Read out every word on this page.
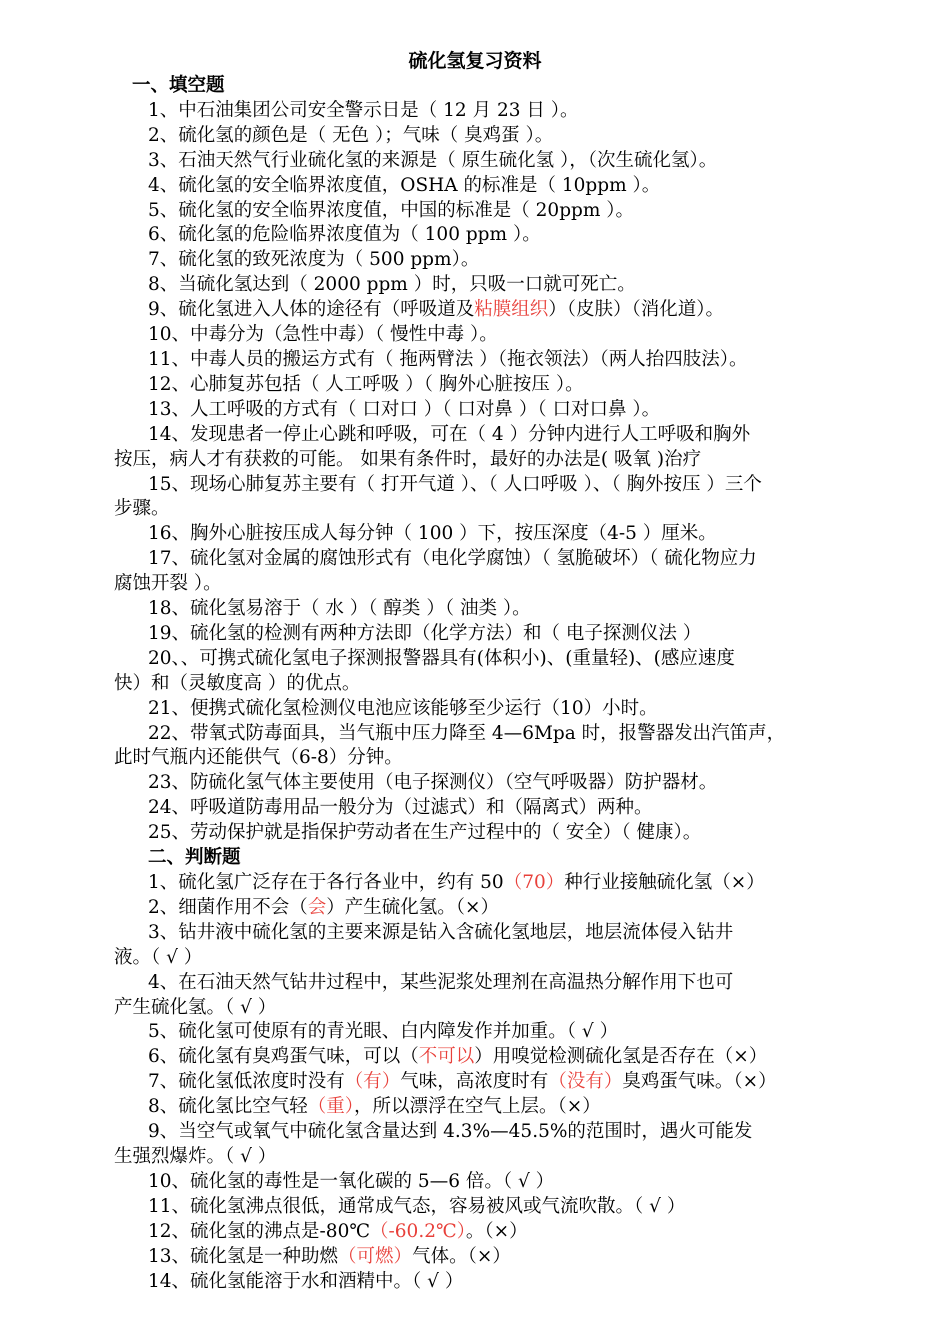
硫化氢复习资料

一、填空题

1、中石油集团公司安全警示日是（ 12 月 23 日 ）。

2、硫化氢的颜色是（ 无色 ）；气味（ 臭鸡蛋 ）。

3、石油天然气行业硫化氢的来源是（ 原生硫化氢 ），（次生硫化氢）。

4、硫化氢的安全临界浓度值，OSHA 的标准是（ 10ppm ）。

5、硫化氢的安全临界浓度值，中国的标准是（ 20ppm ）。

6、硫化氢的危险临界浓度值为（ 100 ppm ）。

7、硫化氢的致死浓度为（ 500 ppm）。

8、当硫化氢达到（ 2000 ppm ）时，只吸一口就可死亡。

9、硫化氢进入人体的途径有（呼吸道及粘膜组织）（皮肤）（消化道）。

10、中毒分为（急性中毒）（ 慢性中毒 ）。

11、中毒人员的搬运方式有（ 拖两臂法 ）（拖衣领法）（两人抬四肢法）。

12、心肺复苏包括（ 人工呼吸 ）（ 胸外心脏按压 ）。

13、人工呼吸的方式有（ 口对口 ）（ 口对鼻 ）（ 口对口鼻 ）。

14、发现患者一停止心跳和呼吸，可在（ 4 ）分钟内进行人工呼吸和胸外

按压，病人才有获救的可能。 如果有条件时，最好的办法是( 吸氧 )治疗

15、现场心肺复苏主要有（ 打开气道 ）、（ 人口呼吸 ）、（ 胸外按压 ）三个

步骤。

16、胸外心脏按压成人每分钟（ 100 ）下，按压深度（4-5 ）厘米。

17、硫化氢对金属的腐蚀形式有（电化学腐蚀）（ 氢脆破坏）（ 硫化物应力

腐蚀开裂 ）。

18、硫化氢易溶于（ 水 ）（ 醇类 ）（ 油类 ）。

19、硫化氢的检测有两种方法即（化学方法）和（ 电子探测仪法 ）

20、、可携式硫化氢电子探测报警器具有(体积小)、(重量轻)、(感应速度

快）和（灵敏度高 ）的优点。

21、便携式硫化氢检测仪电池应该能够至少运行（10）小时。

22、带氧式防毒面具，当气瓶中压力降至 4—6Mpa 时，报警器发出汽笛声，

此时气瓶内还能供气（6-8）分钟。

23、防硫化氢气体主要使用（电子探测仪）（空气呼吸器）防护器材。

24、呼吸道防毒用品一般分为（过滤式）和（隔离式）两种。

25、劳动保护就是指保护劳动者在生产过程中的（ 安全）（ 健康）。

二、判断题

1、硫化氢广泛存在于各行各业中，约有 50（70）种行业接触硫化氢（×）

2、细菌作用不会（会）产生硫化氢。（×）

3、钻井液中硫化氢的主要来源是钻入含硫化氢地层，地层流体侵入钻井

液。（ √ ）

4、在石油天然气钻井过程中，某些泥浆处理剂在高温热分解作用下也可

产生硫化氢。（ √ ）

5、硫化氢可使原有的青光眼、白内障发作并加重。（ √ ）

6、硫化氢有臭鸡蛋气味，可以（不可以）用嗅觉检测硫化氢是否存在（×）

7、硫化氢低浓度时没有（有）气味，高浓度时有（没有）臭鸡蛋气味。（×）

8、硫化氢比空气轻（重），所以漂浮在空气上层。（×）

9、当空气或氧气中硫化氢含量达到 4.3%—45.5%的范围时，遇火可能发

生强烈爆炸。（ √ ）

10、硫化氢的毒性是一氧化碳的 5—6 倍。（ √ ）

11、硫化氢沸点很低，通常成气态，容易被风或气流吹散。（ √ ）

12、硫化氢的沸点是-80℃（-60.2℃）。（×）

13、硫化氢是一种助燃（可燃）气体。（×）

14、硫化氢能溶于水和酒精中。（ √ ）
